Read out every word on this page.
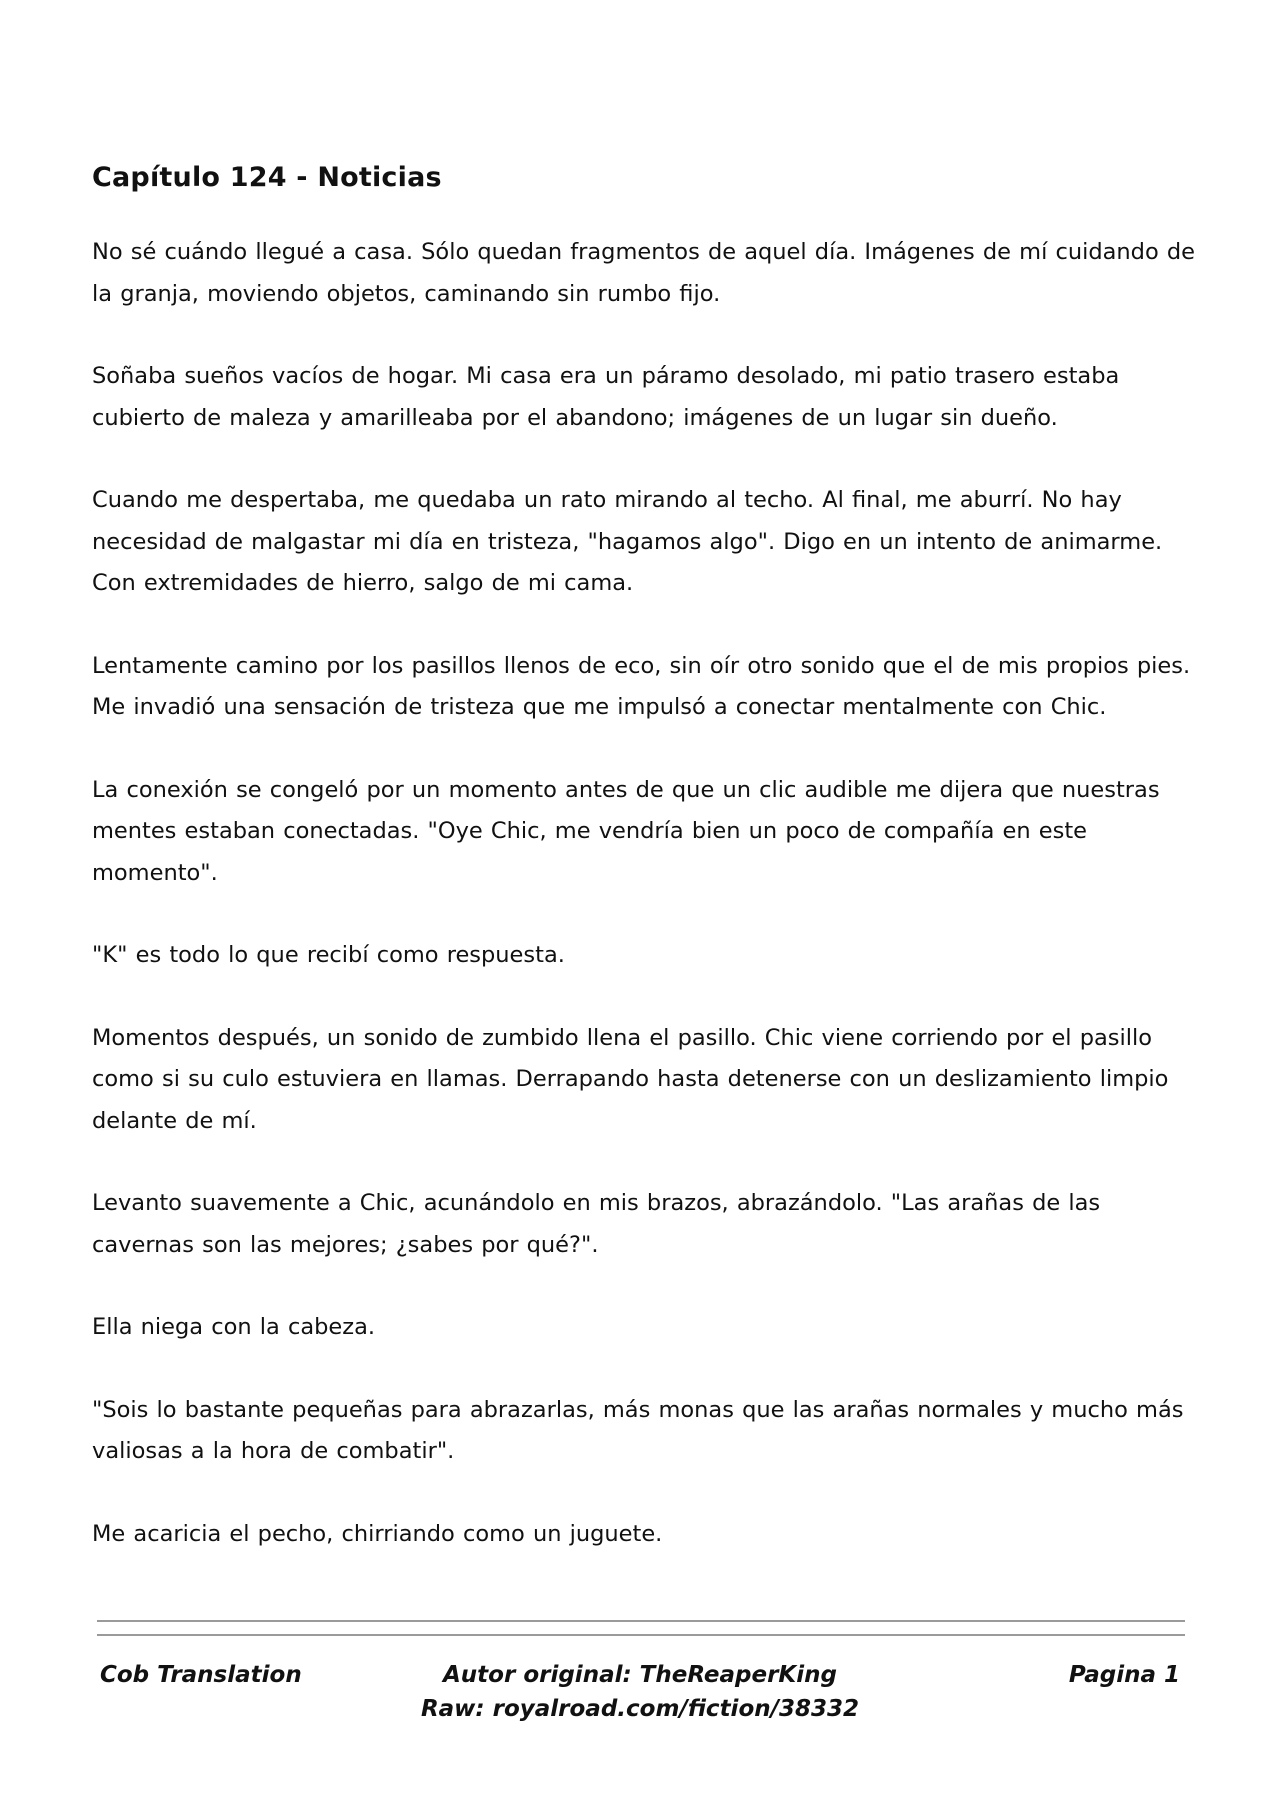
Capítulo 124 - Noticias

No sé cuándo llegué a casa. Sólo quedan fragmentos de aquel día. Imágenes de mí cuidando de la granja, moviendo objetos, caminando sin rumbo fijo.

Soñaba sueños vacíos de hogar. Mi casa era un páramo desolado, mi patio trasero estaba cubierto de maleza y amarilleaba por el abandono; imágenes de un lugar sin dueño.

Cuando me despertaba, me quedaba un rato mirando al techo. Al final, me aburrí. No hay necesidad de malgastar mi día en tristeza, "hagamos algo". Digo en un intento de animarme. Con extremidades de hierro, salgo de mi cama.

Lentamente camino por los pasillos llenos de eco, sin oír otro sonido que el de mis propios pies. Me invadió una sensación de tristeza que me impulsó a conectar mentalmente con Chic.

La conexión se congeló por un momento antes de que un clic audible me dijera que nuestras mentes estaban conectadas. "Oye Chic, me vendría bien un poco de compañía en este momento".

"K" es todo lo que recibí como respuesta.

Momentos después, un sonido de zumbido llena el pasillo. Chic viene corriendo por el pasillo como si su culo estuviera en llamas. Derrapando hasta detenerse con un deslizamiento limpio delante de mí.

Levanto suavemente a Chic, acunándolo en mis brazos, abrazándolo. "Las arañas de las cavernas son las mejores; ¿sabes por qué?".

Ella niega con la cabeza.

"Sois lo bastante pequeñas para abrazarlas, más monas que las arañas normales y mucho más valiosas a la hora de combatir".

Me acaricia el pecho, chirriando como un juguete.

Cob Translation	Autor original: TheReaperKing
Raw: royalroad.com/fiction/38332
Pagina 1
